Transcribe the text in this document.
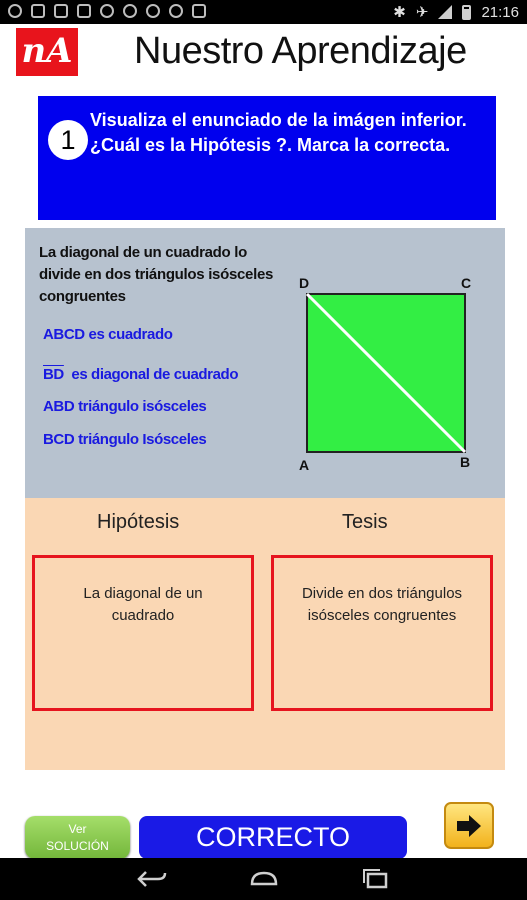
✱ ✈	21:16
nA Nuestro Aprendizaje
1
Visualiza el enunciado de la imágen inferior.¿Cuál es la Hipótesis ?. Marca la correcta.
La diagonal de un cuadrado lo divide en dos triángulos isósceles congruentes
ABCD es cuadrado
$\overline{BD}$  es diagonal de cuadrado
ABD triángulo isósceles
BCD triángulo Isósceles
D	C
A	B
Hipótesis	Tesis
La diagonal de un cuadrado
Divide en dos triángulos isósceles congruentes
Ver
SOLUCIÓN	CORRECTO
